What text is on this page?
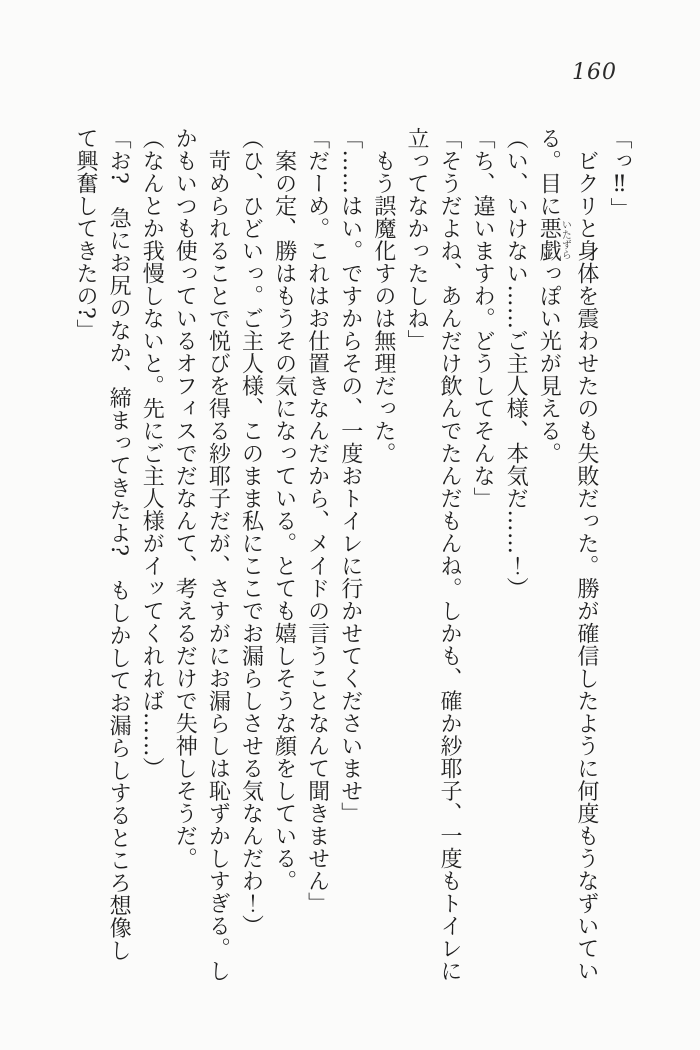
160

「っ‼」

　ビクリと身体を震わせたのも失敗だった。勝が確信したように何度もうなずいてい

る。目に悪戯いたずらっぽい光が見える。

（い、いけない……ご主人様、本気だ……！）

「ち、違いますわ。どうしてそんな」

「そうだよね、あんだけ飲んでたんだもんね。しかも、確か紗耶子、一度もトイレに

立ってなかったしね」

　もう誤魔化すのは無理だった。

「……はい。ですからその、一度おトイレに行かせてくださいませ」

「だーめ。これはお仕置きなんだから、メイドの言うことなんて聞きません」

　案の定、勝はもうその気になっている。とても嬉しそうな顔をしている。

（ひ、ひどいっ。ご主人様、このまま私にここでお漏らしさせる気なんだわ！）

　苛められることで悦びを得る紗耶子だが、さすがにお漏らしは恥ずかしすぎる。し

かもいつも使っているオフィスでだなんて、考えるだけで失神しそうだ。

（なんとか我慢しないと。先にご主人様がイッてくれれば……）

「お?　急にお尻のなか、締まってきたよ?　もしかしてお漏らしするところ想像し

て興奮してきたの?」
